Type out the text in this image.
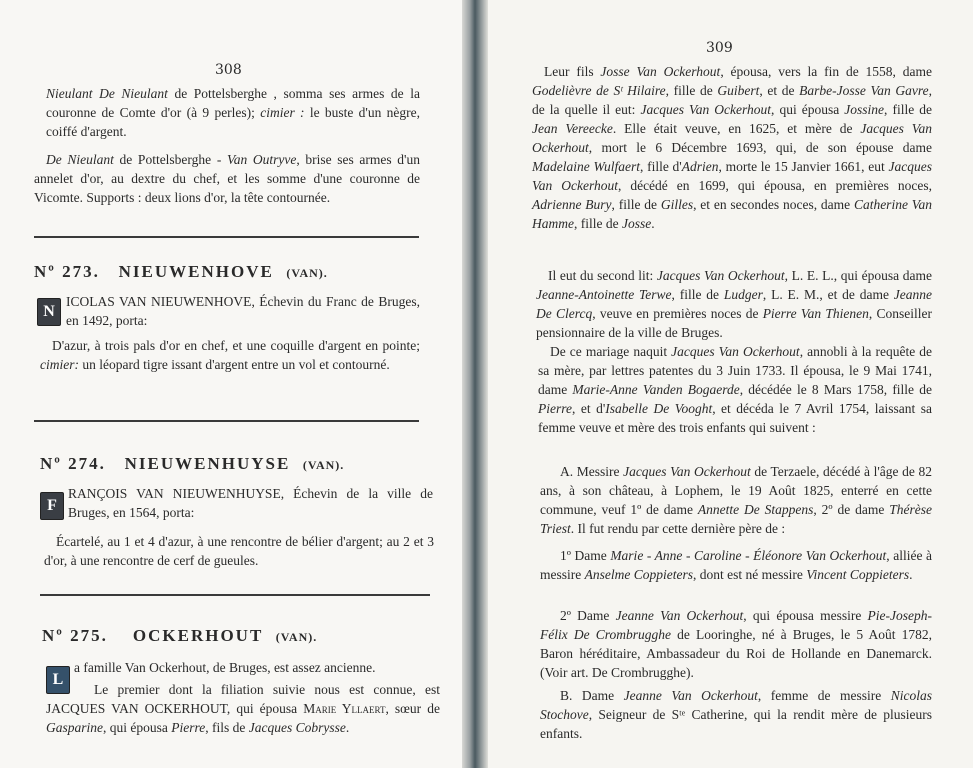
308
Nieulant De Nieulant de Pottelsberghe , somma ses armes de la couronne de Comte d'or (à 9 perles); cimier : le buste d'un nègre, coiffé d'argent.
De Nieulant de Pottelsberghe - Van Outryve, brise ses armes d'un annelet d'or, au dextre du chef, et les somme d'une couronne de Vicomte. Supports : deux lions d'or, la tête contournée.
Nº 273. NIEUWENHOVE (VAN).
N
ICOLAS VAN NIEUWENHOVE, Échevin du Franc de Bruges, en 1492, porta:
D'azur, à trois pals d'or en chef, et une coquille d'argent en pointe; cimier: un léopard tigre issant d'argent entre un vol et contourné.
Nº 274. NIEUWENHUYSE (VAN).
F
RANÇOIS VAN NIEUWENHUYSE, Échevin de la ville de Bruges, en 1564, porta:
Écartelé, au 1 et 4 d'azur, à une rencontre de bélier d'argent; au 2 et 3 d'or, à une rencontre de cerf de gueules.
Nº 275. OCKERHOUT (VAN).
L
a famille Van Ockerhout, de Bruges, est assez ancienne.
Le premier dont la filiation suivie nous est connue, est JACQUES VAN OCKERHOUT, qui épousa Marie Yllaert, sœur de Gasparine, qui épousa Pierre, fils de Jacques Cobrysse.
309
Leur fils Josse Van Ockerhout, épousa, vers la fin de 1558, dame Godelièvre de Sᵗ Hilaire, fille de Guibert, et de Barbe-Josse Van Gavre, de la quelle il eut: Jacques Van Ockerhout, qui épousa Jossine, fille de Jean Vereecke. Elle était veuve, en 1625, et mère de Jacques Van Ockerhout, mort le 6 Décembre 1693, qui, de son épouse dame Madelaine Wulfaert, fille d'Adrien, morte le 15 Janvier 1661, eut Jacques Van Ockerhout, décédé en 1699, qui épousa, en premières noces, Adrienne Bury, fille de Gilles, et en secondes noces, dame Catherine Van Hamme, fille de Josse.
Il eut du second lit: Jacques Van Ockerhout, L. E. L., qui épousa dame Jeanne-Antoinette Terwe, fille de Ludger, L. E. M., et de dame Jeanne De Clercq, veuve en premières noces de Pierre Van Thienen, Conseiller pensionnaire de la ville de Bruges.
De ce mariage naquit Jacques Van Ockerhout, annobli à la requête de sa mère, par lettres patentes du 3 Juin 1733. Il épousa, le 9 Mai 1741, dame Marie-Anne Vanden Bogaerde, décédée le 8 Mars 1758, fille de Pierre, et d'Isabelle De Vooght, et décéda le 7 Avril 1754, laissant sa femme veuve et mère des trois enfants qui suivent :
A. Messire Jacques Van Ockerhout de Terzaele, décédé à l'âge de 82 ans, à son château, à Lophem, le 19 Août 1825, enterré en cette commune, veuf 1º de dame Annette De Stappens, 2º de dame Thérèse Triest. Il fut rendu par cette dernière père de :
1º Dame Marie - Anne - Caroline - Éléonore Van Ockerhout, alliée à messire Anselme Coppieters, dont est né messire Vincent Coppieters.
2º Dame Jeanne Van Ockerhout, qui épousa messire Pie-Joseph-Félix De Crombrugghe de Looringhe, né à Bruges, le 5 Août 1782, Baron héréditaire, Ambassadeur du Roi de Hollande en Danemarck. (Voir art. De Crombrugghe).
B. Dame Jeanne Van Ockerhout, femme de messire Nicolas Stochove, Seigneur de Sᵗᵉ Catherine, qui la rendit mère de plusieurs enfants.
